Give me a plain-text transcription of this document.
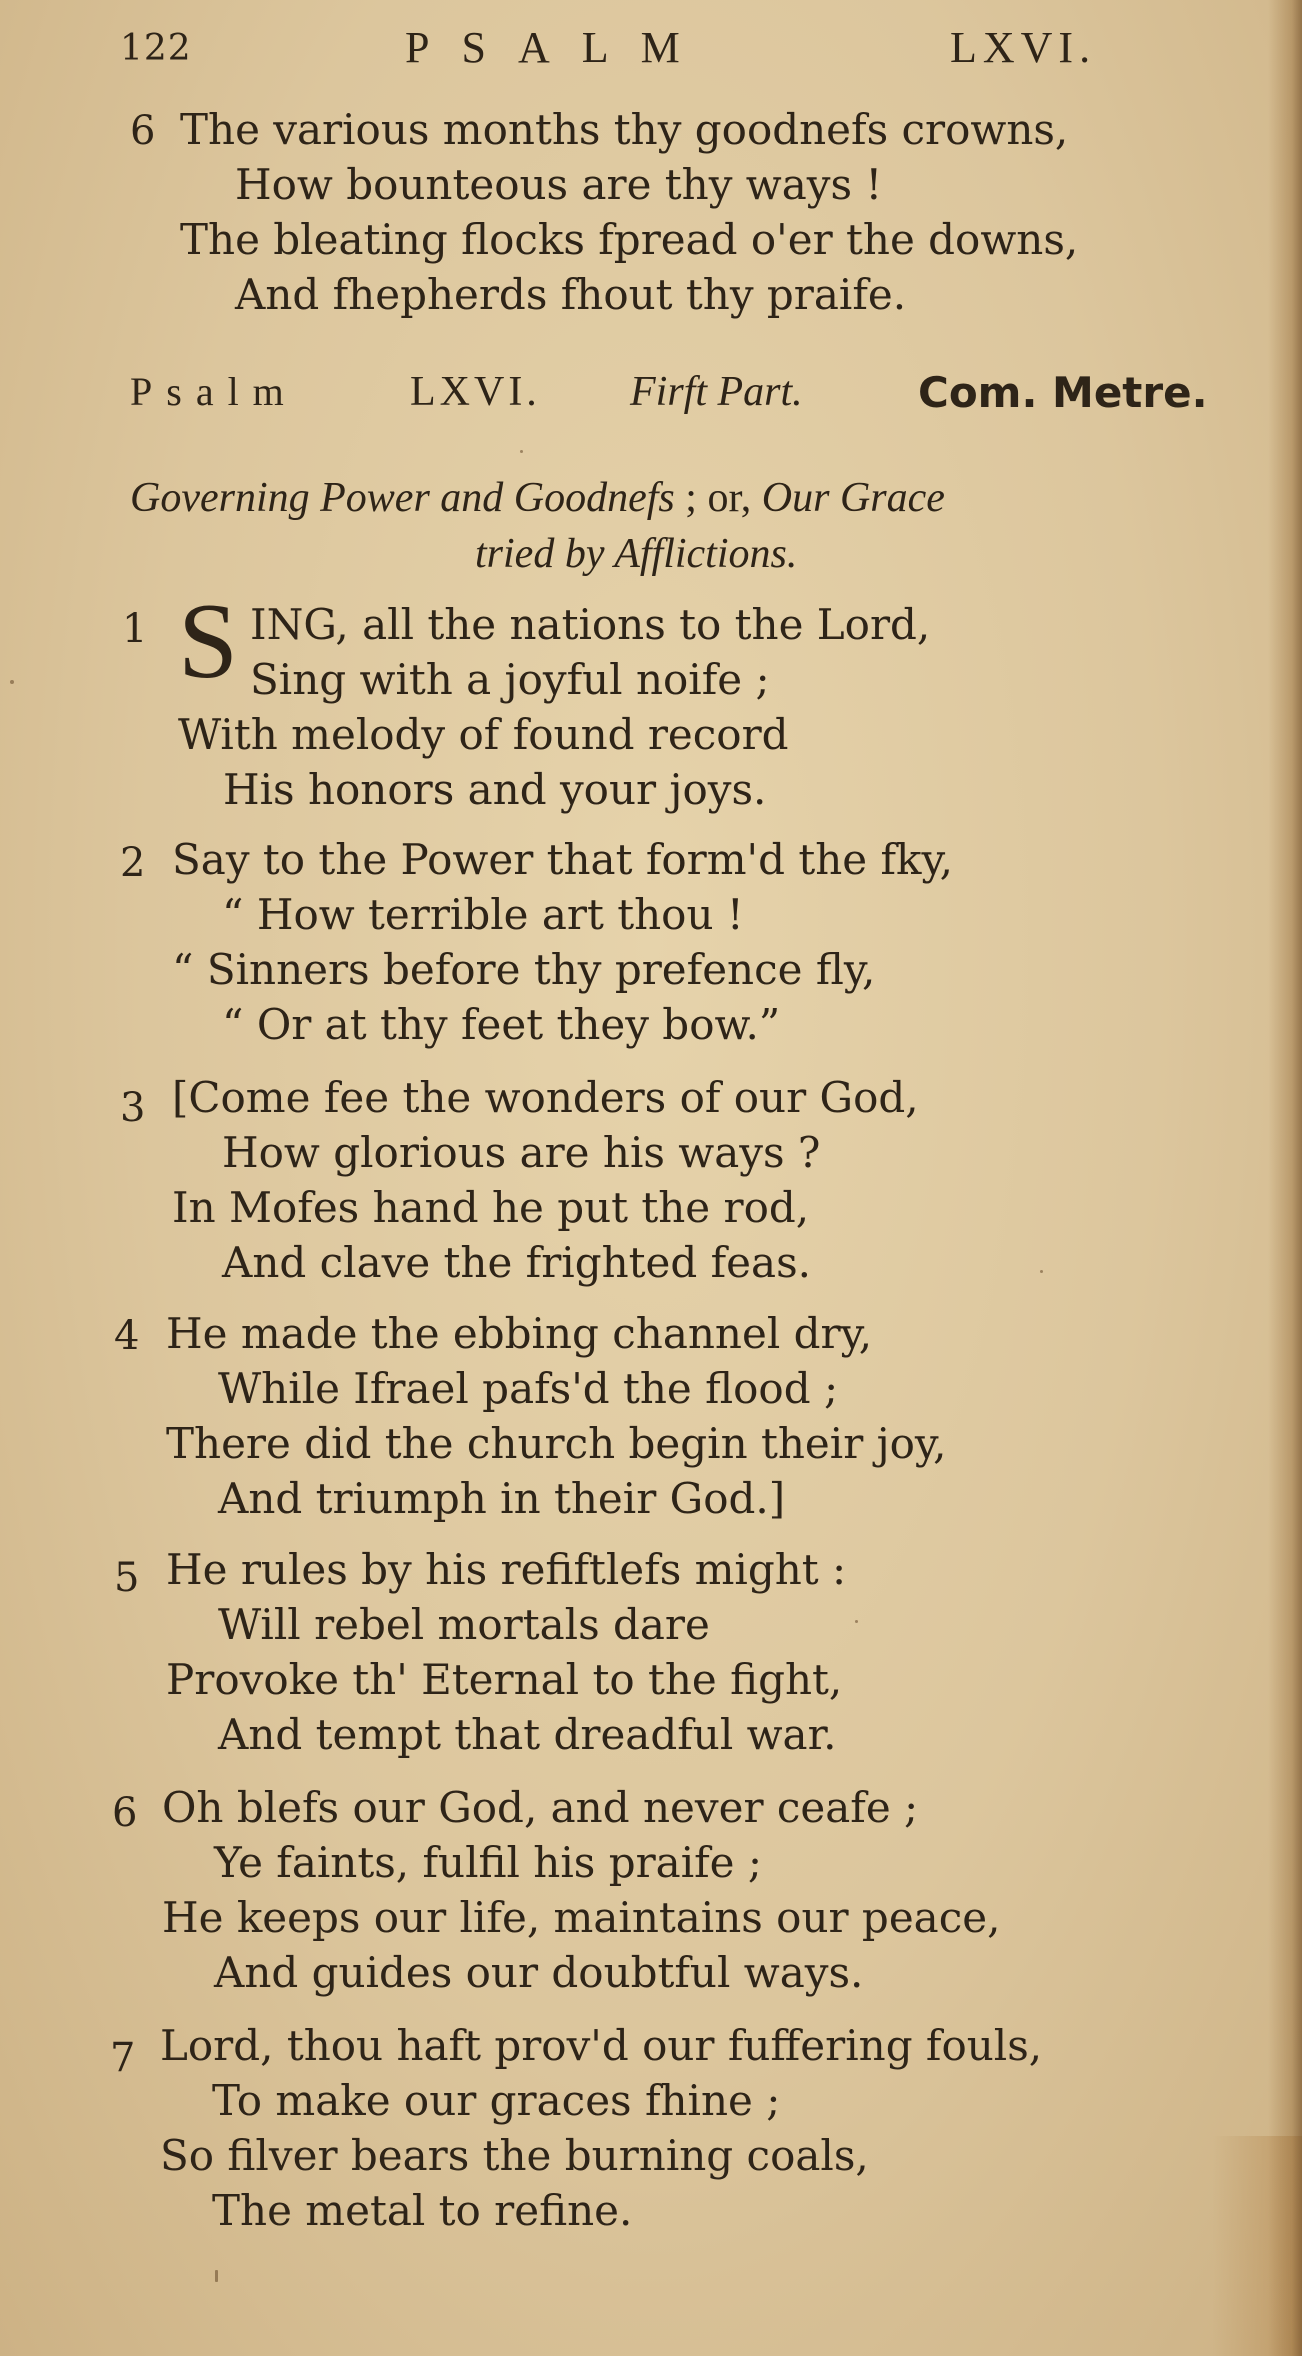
122	PSALM	LXVI.
6 The various months thy goodnefs crowns,
How bounteous are thy ways !
The bleating flocks fpread o'er the downs,
And fhepherds fhout thy praife.
Psalm	LXVI. Firft Part.	Com. Metre.
Governing Power and Goodnefs ; or, Our Grace
tried by Afflictions.
1 S ING, all the nations to the Lord,
Sing with a joyful noife ;
With melody of found record
His honors and your joys.
2 Say to the Power that form'd the fky,
“ How terrible art thou !
“ Sinners before thy prefence fly,
“ Or at thy feet they bow.”
3 [Come fee the wonders of our God,
How glorious are his ways ?
In Mofes hand he put the rod,
And clave the frighted feas.
4 He made the ebbing channel dry,
While Ifrael pafs'd the flood ;
There did the church begin their joy,
And triumph in their God.]
5 He rules by his refiftlefs might :
Will rebel mortals dare
Provoke th' Eternal to the fight,
And tempt that dreadful war.
6 Oh blefs our God, and never ceafe ;
Ye faints, fulfil his praife ;
He keeps our life, maintains our peace,
And guides our doubtful ways.
7 Lord, thou haft prov'd our fuffering fouls,
To make our graces fhine ;
So filver bears the burning coals,
The metal to refine.
